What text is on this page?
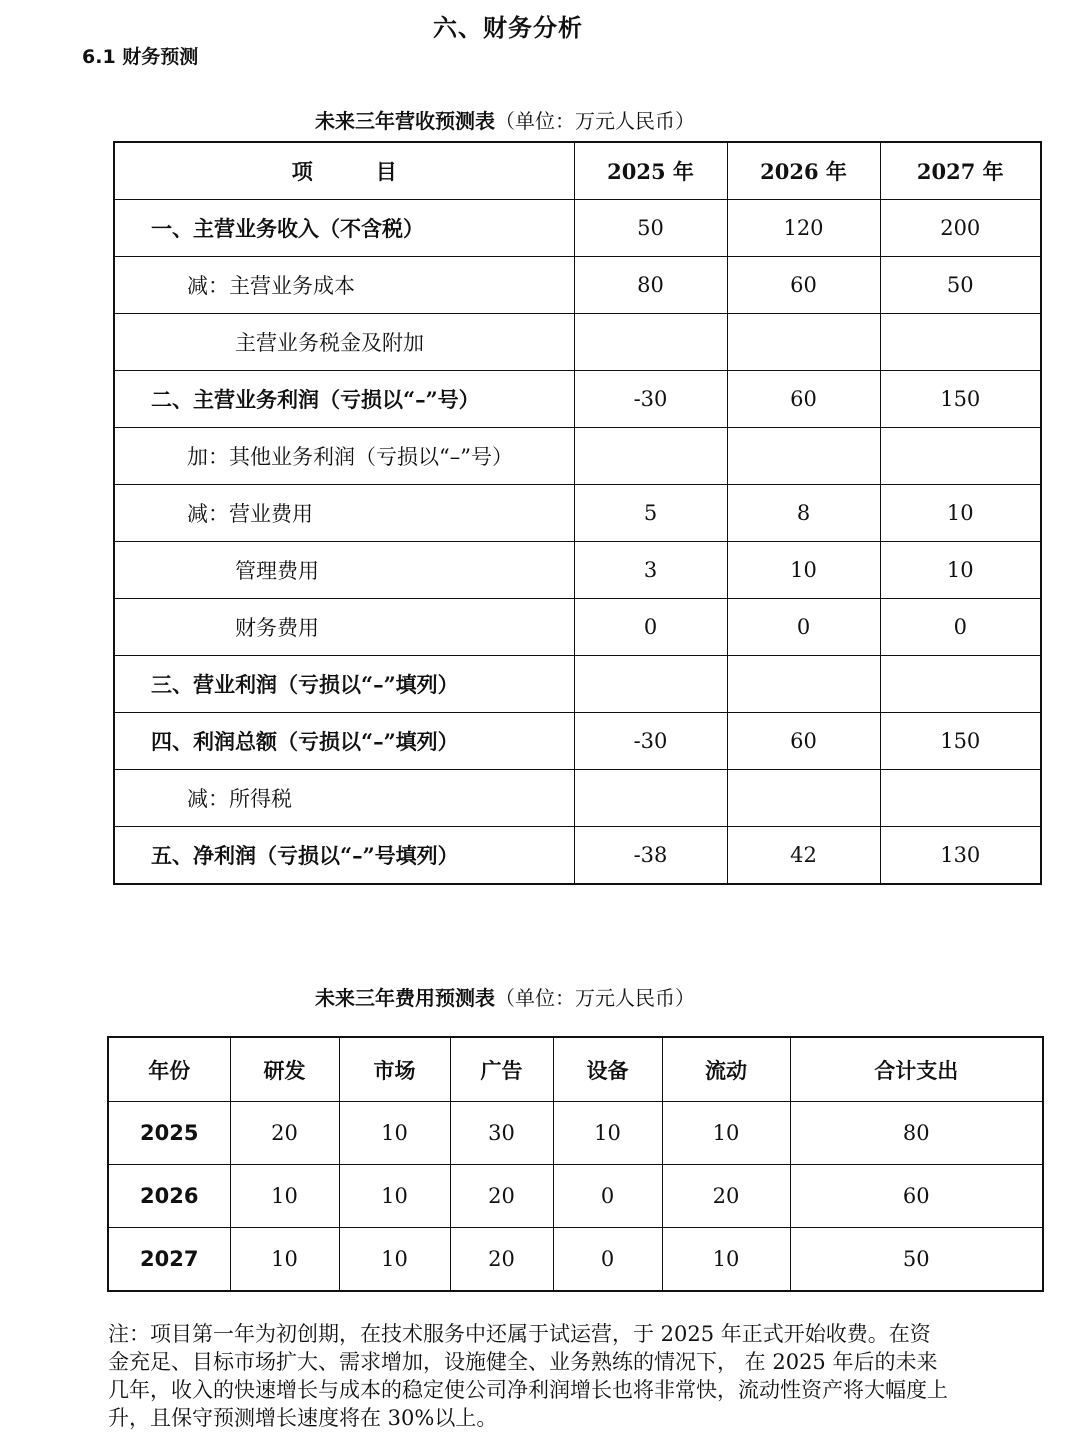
六、财务分析
6.1 财务预测
未来三年营收预测表（单位：万元人民币）
项　　　目	2025 年	2026 年	2027 年
一、主营业务收入（不含税）	50	120	200
减：主营业务成本	80	60	50
主营业务税金及附加			
二、主营业务利润（亏损以“–”号）	-30	60	150
加：其他业务利润（亏损以“–”号）			
减：营业费用	5	8	10
管理费用	3	10	10
财务费用	0	0	0
三、营业利润（亏损以“–”填列）			
四、利润总额（亏损以“–”填列）	-30	60	150
减：所得税			
五、净利润（亏损以“–”号填列）	-38	42	130
未来三年费用预测表（单位：万元人民币）
年份	研发	市场	广告	设备	流动	合计支出
2025	20	10	30	10	10	80
2026	10	10	20	0	20	60
2027	10	10	20	0	10	50
注：项目第一年为初创期，在技术服务中还属于试运营，于 2025 年正式开始收费。在资金充足、目标市场扩大、需求增加，设施健全、业务熟练的情况下， 在 2025 年后的未来几年，收入的快速增长与成本的稳定使公司净利润增长也将非常快，流动性资产将大幅度上升，且保守预测增长速度将在 30%以上。
